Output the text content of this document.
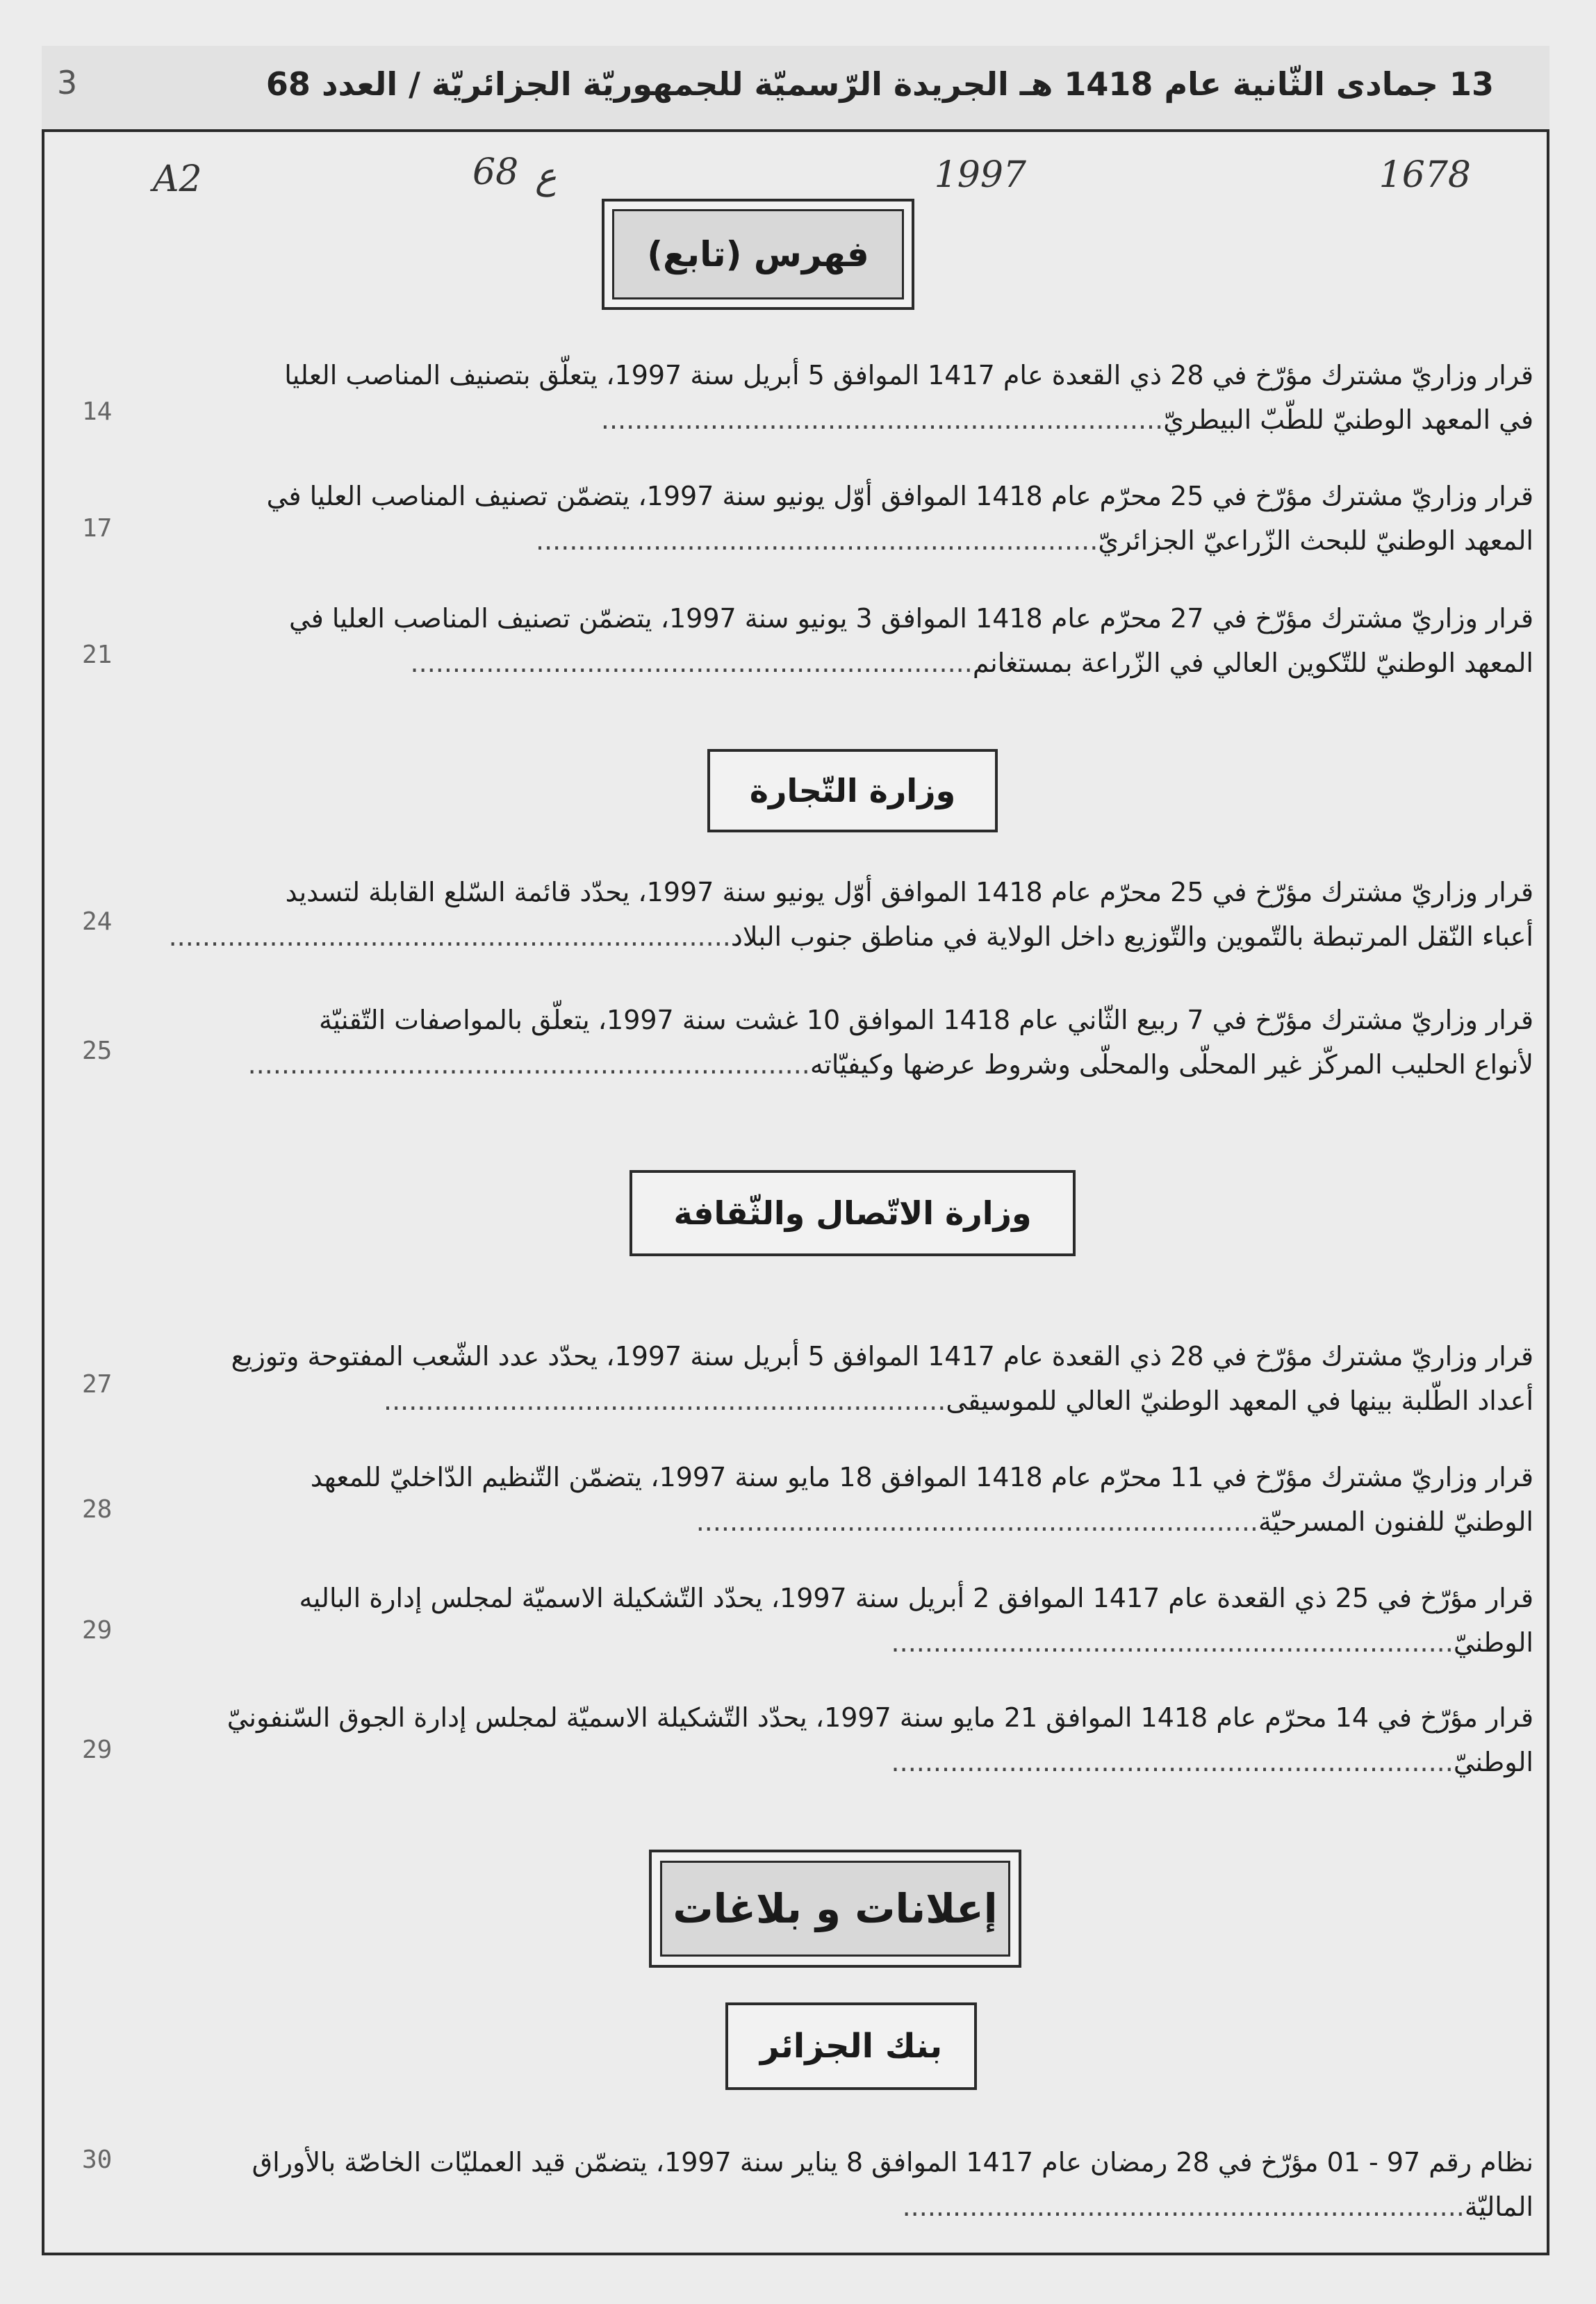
3	13 جمادى الثّانية عام 1418 هـ الجريدة الرّسميّة للجمهوريّة الجزائريّة / العدد 68
1678
1997
ع
68
A2
فهرس (تابع)
قرار وزاريّ مشترك مؤرّخ في 28 ذي القعدة عام 1417 الموافق 5 أبريل سنة 1997، يتعلّق بتصنيف المناصب العليا
في المعهد الوطنيّ للطّبّ البيطريّ...................................................................
14
قرار وزاريّ مشترك مؤرّخ في 25 محرّم عام 1418 الموافق أوّل يونيو سنة 1997، يتضمّن تصنيف المناصب العليا في
المعهد الوطنيّ للبحث الزّراعيّ الجزائريّ...................................................................
17
قرار وزاريّ مشترك مؤرّخ في 27 محرّم عام 1418 الموافق 3 يونيو سنة 1997، يتضمّن تصنيف المناصب العليا في
المعهد الوطنيّ للتّكوين العالي في الزّراعة بمستغانم...................................................................
21
وزارة التّجارة
قرار وزاريّ مشترك مؤرّخ في 25 محرّم عام 1418 الموافق أوّل يونيو سنة 1997، يحدّد قائمة السّلع القابلة لتسديد
أعباء النّقل المرتبطة بالتّموين والتّوزيع داخل الولاية في مناطق جنوب البلاد...................................................................
24
قرار وزاريّ مشترك مؤرّخ في 7 ربيع الثّاني عام 1418 الموافق 10 غشت سنة 1997، يتعلّق بالمواصفات التّقنيّة
لأنواع الحليب المركّز غير المحلّى والمحلّى وشروط عرضها وكيفيّاته...................................................................
25
وزارة الاتّصال والثّقافة
قرار وزاريّ مشترك مؤرّخ في 28 ذي القعدة عام 1417 الموافق 5 أبريل سنة 1997، يحدّد عدد الشّعب المفتوحة وتوزيع
أعداد الطّلبة بينها في المعهد الوطنيّ العالي للموسيقى...................................................................
27
قرار وزاريّ مشترك مؤرّخ في 11 محرّم عام 1418 الموافق 18 مايو سنة 1997، يتضمّن التّنظيم الدّاخليّ للمعهد
الوطنيّ للفنون المسرحيّة...................................................................
28
قرار مؤرّخ في 25 ذي القعدة عام 1417 الموافق 2 أبريل سنة 1997، يحدّد التّشكيلة الاسميّة لمجلس إدارة الباليه
الوطنيّ...................................................................
29
قرار مؤرّخ في 14 محرّم عام 1418 الموافق 21 مايو سنة 1997، يحدّد التّشكيلة الاسميّة لمجلس إدارة الجوق السّنفونيّ
الوطنيّ...................................................................
29
إعلانات و بلاغات
بنك الجزائر
نظام رقم 97 - 01 مؤرّخ في 28 رمضان عام 1417 الموافق 8 يناير سنة 1997، يتضمّن قيد العمليّات الخاصّة بالأوراق
الماليّة...................................................................
30
